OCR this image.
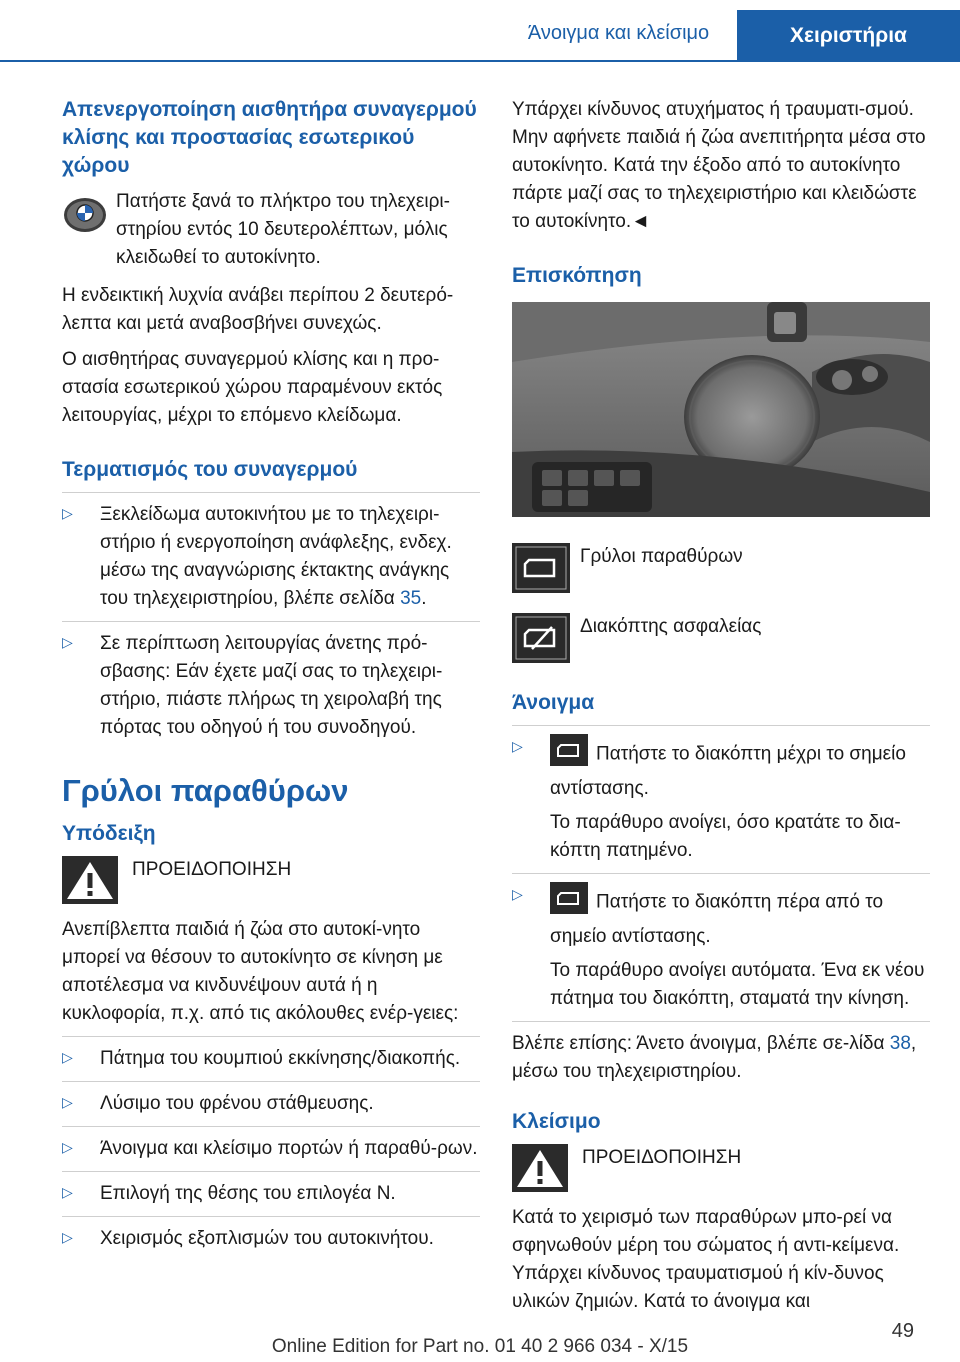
Άνοιγμα και κλείσιμο	Χειριστήρια
Απενεργοποίηση αισθητήρα συναγερμού κλίσης και προστασίας εσωτερικού χώρου

Πατήστε ξανά το πλήκτρο του τηλεχειρι-στηρίου εντός 10 δευτερολέπτων, μόλις κλειδωθεί το αυτοκίνητο.

Η ενδεικτική λυχνία ανάβει περίπου 2 δευτερό-λεπτα και μετά αναβοσβήνει συνεχώς.

Ο αισθητήρας συναγερμού κλίσης και η προ-στασία εσωτερικού χώρου παραμένουν εκτός λειτουργίας, μέχρι το επόμενο κλείδωμα.

Τερματισμός του συναγερμού
▷ Ξεκλείδωμα αυτοκινήτου με το τηλεχειρι-στήριο ή ενεργοποίηση ανάφλεξης, ενδεχ. μέσω της αναγνώρισης έκτακτης ανάγκης του τηλεχειριστηρίου, βλέπε σελίδα 35.
▷ Σε περίπτωση λειτουργίας άνετης πρό-σβασης: Εάν έχετε μαζί σας το τηλεχειρι-στήριο, πιάστε πλήρως τη χειρολαβή της πόρτας του οδηγού ή του συνοδηγού.
Γρύλοι παραθύρων
Υπόδειξη

ΠΡΟΕΙΔΟΠΟΙΗΣΗ

Ανεπίβλεπτα παιδιά ή ζώα στο αυτοκί-νητο μπορεί να θέσουν το αυτοκίνητο σε κίνηση με αποτέλεσμα να κινδυνέψουν αυτά ή η κυκλοφορία, π.χ. από τις ακόλουθες ενέρ-γειες:

▷ Πάτημα του κουμπιού εκκίνησης/διακοπής.
▷ Λύσιμο του φρένου στάθμευσης.
▷ Άνοιγμα και κλείσιμο πορτών ή παραθύ-ρων.
▷ Επιλογή της θέσης του επιλογέα N.
▷ Χειρισμός εξοπλισμών του αυτοκινήτου.

Υπάρχει κίνδυνος ατυχήματος ή τραυματι-σμού. Μην αφήνετε παιδιά ή ζώα ανεπιτήρητα μέσα στο αυτοκίνητο. Κατά την έξοδο από το αυτοκίνητο πάρτε μαζί σας το τηλεχειριστήριο και κλειδώστε το αυτοκίνητο.◄

Επισκόπηση
Γρύλοι παραθύρων
Διακόπτης ασφαλείας
Άνοιγμα
▷	Πατήστε το διακόπτη μέχρι το σημείο αντίστασης.
Το παράθυρο ανοίγει, όσο κρατάτε το δια-κόπτη πατημένο.
▷	Πατήστε το διακόπτη πέρα από το σημείο αντίστασης.
Το παράθυρο ανοίγει αυτόματα. Ένα εκ νέου πάτημα του διακόπτη, σταματά την κίνηση.

Βλέπε επίσης: Άνετο άνοιγμα, βλέπε σε-λίδα 38, μέσω του τηλεχειριστηρίου.

Κλείσιμο

ΠΡΟΕΙΔΟΠΟΙΗΣΗ

Κατά το χειρισμό των παραθύρων μπο-ρεί να σφηνωθούν μέρη του σώματος ή αντι-κείμενα. Υπάρχει κίνδυνος τραυματισμού ή κίν-δυνος υλικών ζημιών. Κατά το άνοιγμα και

49
Online Edition for Part no. 01 40 2 966 034 - X/15
